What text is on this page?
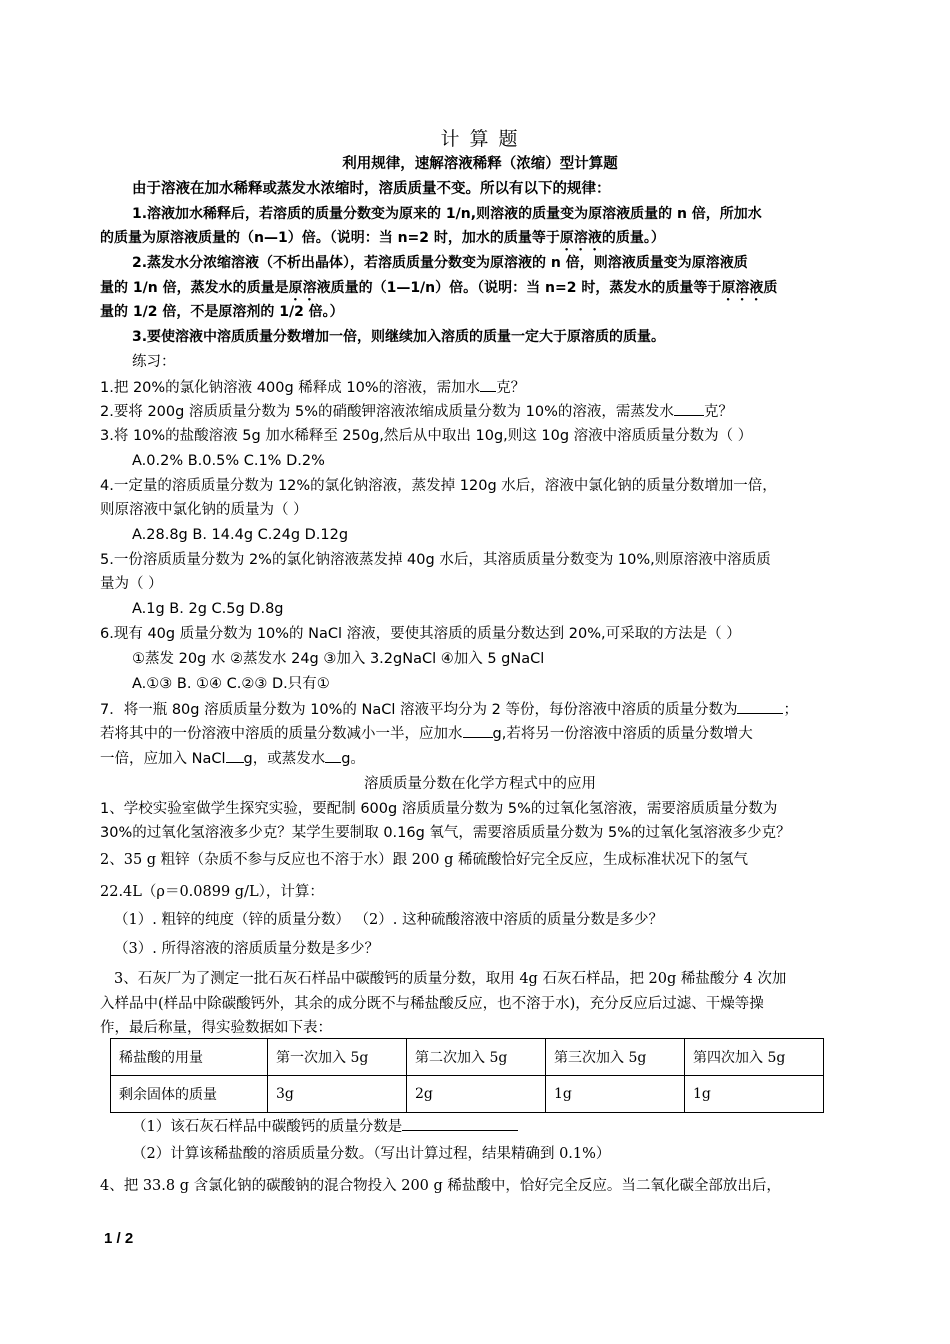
计 算 题
利用规律，速解溶液稀释（浓缩）型计算题
由于溶液在加水稀释或蒸发水浓缩时，溶质质量不变。所以有以下的规律：
1.溶液加水稀释后，若溶质的质量分数变为原来的 1/n,则溶液的质量变为原溶液质量的 n 倍，所加水
的质量为原溶液质量的（n—1）倍。（说明：当 n=2 时，加水的质量等于原溶液的质量。）
2.蒸发水分浓缩溶液（不析出晶体），若溶质质量分数变为原溶液的 n 倍，则溶液质量变为原溶液质
量的 1/n 倍，蒸发水的质量是原溶液质量的（1—1/n）倍。（说明：当 n=2 时，蒸发水的质量等于原溶液质
量的 1/2 倍，不是原溶剂的 1/2 倍。）
3.要使溶液中溶质质量分数增加一倍，则继续加入溶质的质量一定大于原溶质的质量。
练习：
1.把 20%的氯化钠溶液 400g 稀释成 10%的溶液，需加水 克？
2.要将 200g 溶质质量分数为 5%的硝酸钾溶液浓缩成质量分数为 10%的溶液，需蒸发水 克？
3.将 10%的盐酸溶液 5g 加水稀释至 250g,然后从中取出 10g,则这 10g 溶液中溶质质量分数为（ ）
A.0.2% B.0.5% C.1% D.2%
4.一定量的溶质质量分数为 12%的氯化钠溶液，蒸发掉 120g 水后，溶液中氯化钠的质量分数增加一倍，
则原溶液中氯化钠的质量为（ ）
A.28.8g B. 14.4g C.24g D.12g
5.一份溶质质量分数为 2%的氯化钠溶液蒸发掉 40g 水后，其溶质质量分数变为 10%,则原溶液中溶质质
量为（ ）
A.1g B. 2g C.5g D.8g
6.现有 40g 质量分数为 10%的 NaCl 溶液，要使其溶质的质量分数达到 20%,可采取的方法是（ ）
①蒸发 20g 水 ②蒸发水 24g ③加入 3.2gNaCl ④加入 5 gNaCl
A.①③ B. ①④ C.②③ D.只有①
7．将一瓶 80g 溶质质量分数为 10%的 NaCl 溶液平均分为 2 等份，每份溶液中溶质的质量分数为	；
若将其中的一份溶液中溶质的质量分数减小一半，应加水 g,若将另一份溶液中溶质的质量分数增大
一倍，应加入 NaCl g，或蒸发水 g。
溶质质量分数在化学方程式中的应用
1、学校实验室做学生探究实验，要配制 600g 溶质质量分数为 5%的过氧化氢溶液，需要溶质质量分数为
30%的过氧化氢溶液多少克？某学生要制取 0.16g 氧气，需要溶质质量分数为 5%的过氧化氢溶液多少克？
2、35 g 粗锌（杂质不参与反应也不溶于水）跟 200 g 稀硫酸恰好完全反应，生成标准状况下的氢气
22.4L（ρ＝0.0899 g/L），计算：
（1）. 粗锌的纯度（锌的质量分数） （2）. 这种硫酸溶液中溶质的质量分数是多少？
（3）. 所得溶液的溶质质量分数是多少？
3、石灰厂为了测定一批石灰石样品中碳酸钙的质量分数，取用 4g 石灰石样品，把 20g 稀盐酸分 4 次加
入样品中(样品中除碳酸钙外，其余的成分既不与稀盐酸反应，也不溶于水)，充分反应后过滤、干燥等操
作，最后称量，得实验数据如下表：
稀盐酸的用量	第一次加入 5g	第二次加入 5g	第三次加入 5g	第四次加入 5g
剩余固体的质量	3g	2g	1g	1g
（1）该石灰石样品中碳酸钙的质量分数是
（2）计算该稀盐酸的溶质质量分数。（写出计算过程，结果精确到 0.1%）
4、把 33.8 g 含氯化钠的碳酸钠的混合物投入 200 g 稀盐酸中，恰好完全反应。当二氧化碳全部放出后，
1 / 2
